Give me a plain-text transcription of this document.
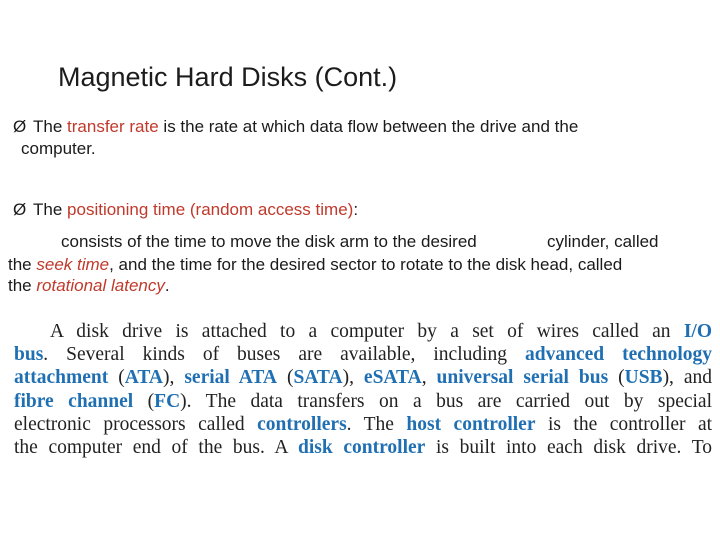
Magnetic Hard Disks (Cont.)
Ø The transfer rate is the rate at which data flow between the drive and the
computer.
Ø The positioning time (random access time):
consists of the time to move the disk arm to the desired	cylinder, called
the seek time, and the time for the desired sector to rotate to the disk head, called
the rotational latency.
A disk drive is attached to a computer by a set of wires called an I/O
bus. Several kinds of buses are available, including advanced technology
attachment (ATA), serial ATA (SATA), eSATA, universal serial bus (USB), and
fibre channel (FC). The data transfers on a bus are carried out by special
electronic processors called controllers. The host controller is the controller at
the computer end of the bus. A disk controller is built into each disk drive. To
